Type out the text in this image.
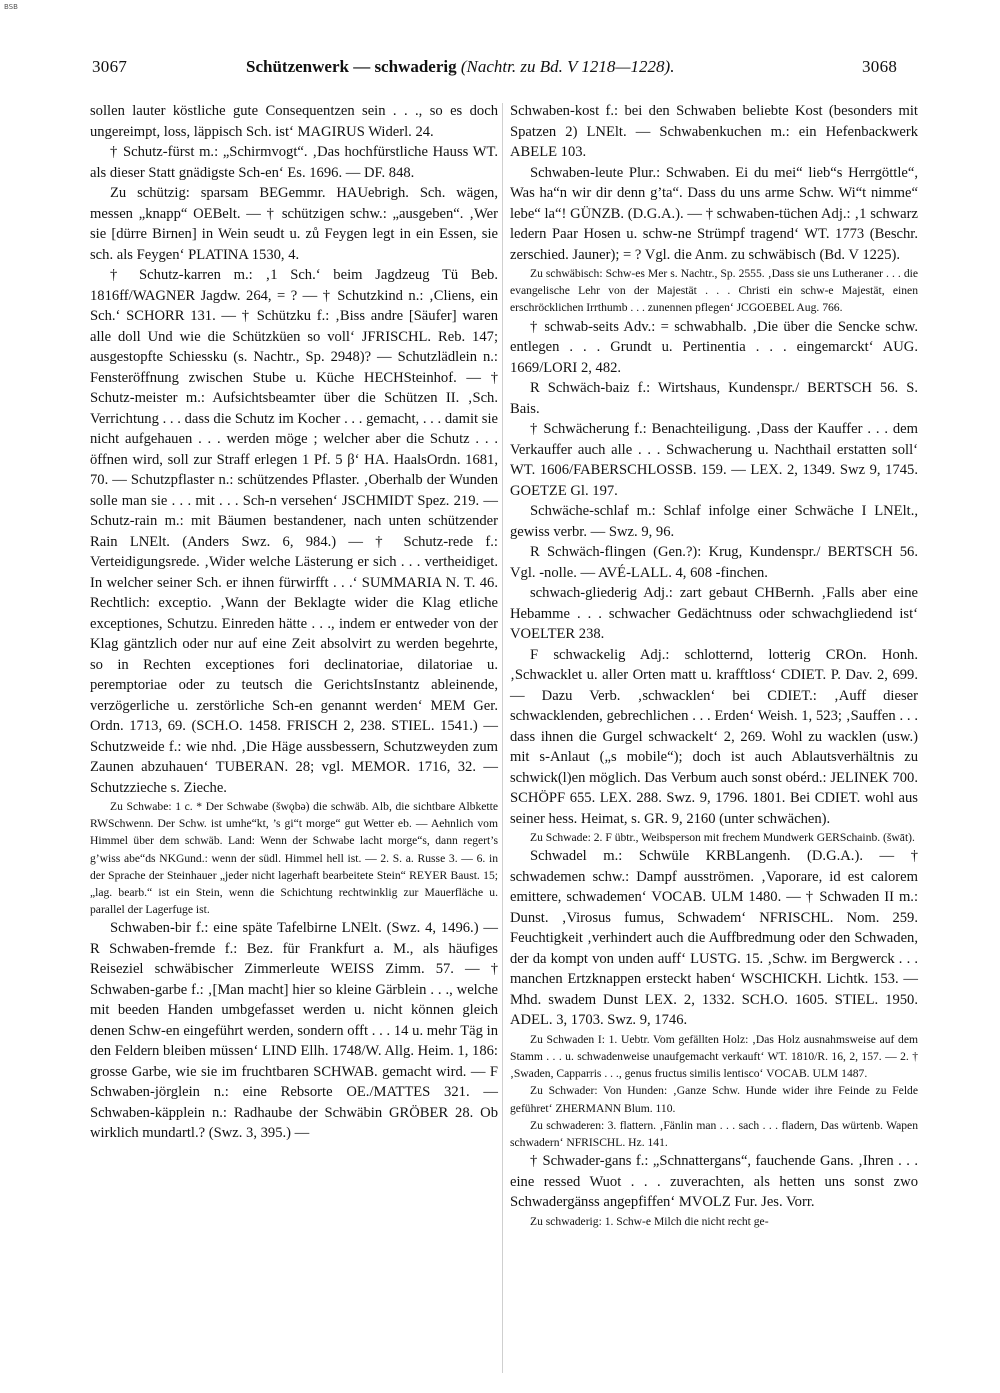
BSB
3067	Schützenwerk — schwaderig (Nachtr. zu Bd. V 1218—1228).	3068

sollen lauter köstliche gute Consequentzen sein . . ., so es doch ungereimpt, loss, läppisch Sch. ist‘ MAGIRUS Widerl. 24.

† Schutz-fürst m.: „Schirmvogt“. ‚Das hochfürstliche Hauss WT. als dieser Statt gnädigste Sch-en‘ Es. 1696. — DF. 848.

Zu schützig: sparsam BEGemmr. HAUebrigh. Sch. wägen, messen „knapp“ OEBelt. — † schützigen schw.: „ausgeben“. ‚Wer sie [dürre Birnen] in Wein seudt u. zů Feygen legt in ein Essen, sie sch. als Feygen‘ PLATINA 1530, 4.

† Schutz-karren m.: ‚1 Sch.‘ beim Jagdzeug Tü Beb. 1816ff/WAGNER Jagdw. 264, = ? — † Schutzkind n.: ‚Cliens, ein Sch.‘ SCHORR 131. — † Schützku f.: ‚Biss andre [Säufer] waren alle doll Und wie die Schützküen so voll‘ JFRISCHL. Reb. 147; ausgestopfte Schiessku (s. Nachtr., Sp. 2948)? — Schutzlädlein n.: Fensteröffnung zwischen Stube u. Küche HECHSteinhof. — † Schutz-meister m.: Aufsichtsbeamter über die Schützen II. ‚Sch. Verrichtung . . . dass die Schutz im Kocher . . . gemacht, . . . damit sie nicht aufgehauen . . . werden möge ; welcher aber die Schutz . . . öffnen wird, soll zur Straff erlegen 1 Pf. 5 β‘ HA. HaalsOrdn. 1681, 70. — Schutzpflaster n.: schützendes Pflaster. ‚Oberhalb der Wunden solle man sie . . . mit . . . Sch-n versehen‘ JSCHMIDT Spez. 219. — Schutz-rain m.: mit Bäumen bestandener, nach unten schützender Rain LNElt. (Anders Swz. 6, 984.) — † Schutz-rede f.: Verteidigungsrede. ‚Wider welche Lästerung er sich . . . vertheidiget. In welcher seiner Sch. er ihnen fürwirfft . . .‘ SUMMARIA N. T. 46. Rechtlich: exceptio. ‚Wann der Beklagte wider die Klag etliche exceptiones, Schutzu. Einreden hätte . . ., indem er entweder von der Klag gäntzlich oder nur auf eine Zeit absolvirt zu werden begehrte, so in Rechten exceptiones fori declinatoriae, dilatoriae u. peremptoriae oder zu teutsch die GerichtsInstantz ableinende, verzögerliche u. zerstörliche Sch-en genannt werden‘ MEM Ger. Ordn. 1713, 69. (SCH.O. 1458. FRISCH 2, 238. STIEL. 1541.) — Schutzweide f.: wie nhd. ‚Die Häge aussbessern, Schutzweyden zum Zaunen abzuhauen‘ TUBERAN. 28; vgl. MEMOR. 1716, 32. — Schutzzieche s. Zieche.

Zu Schwabe: 1 c. * Der Schwabe (šwǫbə) die schwäb. Alb, die sichtbare Albkette RWSchwenn. Der Schw. ist umhe“kt, ’s gi“t morge“ gut Wetter eb. — Aehnlich vom Himmel über dem schwäb. Land: Wenn der Schwabe lacht morge“s, dann regert’s g’wiss abe“ds NKGund.: wenn der südl. Himmel hell ist. — 2. S. a. Russe 3. — 6. in der Sprache der Steinhauer „jeder nicht lagerhaft bearbeitete Stein“ REYER Baust. 15; „lag. bearb.“ ist ein Stein, wenn die Schichtung rechtwinklig zur Mauerfläche u. parallel der Lagerfuge ist.

Schwaben-bir f.: eine späte Tafelbirne LNElt. (Swz. 4, 1496.) — R Schwaben-fremde f.: Bez. für Frankfurt a. M., als häufiges Reiseziel schwäbischer Zimmerleute WEISS Zimm. 57. — † Schwaben-garbe f.: ‚[Man macht] hier so kleine Gärblein . . ., welche mit beeden Handen umbgefasset werden u. nicht können gleich denen Schw-en eingeführt werden, sondern offt . . . 14 u. mehr Täg in den Feldern bleiben müssen‘ LIND Ellh. 1748/W. Allg. Heim. 1, 186: grosse Garbe, wie sie im fruchtbaren SCHWAB. gemacht wird. — F Schwaben-jörglein n.: eine Rebsorte OE./MATTES 321. — Schwaben-käpplein n.: Radhaube der Schwäbin GRÖBER 28. Ob wirklich mundartl.? (Swz. 3, 395.) —

Schwaben-kost f.: bei den Schwaben beliebte Kost (besonders mit Spatzen 2) LNElt. — Schwabenkuchen m.: ein Hefenbackwerk ABELE 103.

Schwaben-leute Plur.: Schwaben. Ei du mei“ lieb“s Herrgöttle“, Was ha“n wir dir denn g’ta“. Dass du uns arme Schw. Wi“t nimme“ lebe“ la“! GÜNZB. (D.G.A.). — † schwaben-tüchen Adj.: ‚1 schwarz ledern Paar Hosen u. schw-ne Strümpf tragend‘ WT. 1773 (Beschr. zerschied. Jauner); = ? Vgl. die Anm. zu schwäbisch (Bd. V 1225).

Zu schwäbisch: Schw-es Mer s. Nachtr., Sp. 2555. ‚Dass sie uns Lutheraner . . . die evangelische Lehr von der Majestät . . . Christi ein schw-e Majestät, einen erschröcklichen Irrthumb . . . zunennen pflegen‘ JCGOEBEL Aug. 766.

† schwab-seits Adv.: = schwabhalb. ‚Die über die Sencke schw. entlegen . . . Grundt u. Pertinentia . . . eingemarckt‘ AUG. 1669/LORI 2, 482.

R Schwäch-baiz f.: Wirtshaus, Kundenspr./ BERTSCH 56. S. Bais.

† Schwächerung f.: Benachteiligung. ‚Dass der Kauffer . . . dem Verkauffer auch alle . . . Schwacherung u. Nachthail erstatten soll‘ WT. 1606/FABERSCHLOSSB. 159. — LEX. 2, 1349. Swz 9, 1745. GOETZE Gl. 197.

Schwäche-schlaf m.: Schlaf infolge einer Schwäche I LNElt., gewiss verbr. — Swz. 9, 96.

R Schwäch-flingen (Gen.?): Krug, Kundenspr./ BERTSCH 56. Vgl. -nolle. — AVÉ-LALL. 4, 608 -finchen.

schwach-gliederig Adj.: zart gebaut CHBernh. ‚Falls aber eine Hebamme . . . schwacher Gedächtnuss oder schwachgliedend ist‘ VOELTER 238.

F schwackelig Adj.: schlotternd, lotterig CROn. Honh. ‚Schwacklet u. aller Orten matt u. krafftloss‘ CDIET. P. Dav. 2, 699. — Dazu Verb. ‚schwacklen‘ bei CDIET.: ‚Auff dieser schwacklenden, gebrechlichen . . . Erden‘ Weish. 1, 523; ‚Sauffen . . . dass ihnen die Gurgel schwackelt‘ 2, 269. Wohl zu wacklen (usw.) mit s-Anlaut („s mobile“); doch ist auch Ablautsverhältnis zu schwick(l)en möglich. Das Verbum auch sonst obérd.: JELINEK 700. SCHÖPF 655. LEX. 288. Swz. 9, 1796. 1801. Bei CDIET. wohl aus seiner hess. Heimat, s. GR. 9, 2160 (unter schwächen).

Zu Schwade: 2. F übtr., Weibsperson mit frechem Mundwerk GERSchainb. (šwāt).

Schwadel m.: Schwüle KRBLangenh. (D.G.A.). — † schwademen schw.: Dampf ausströmen. ‚Vaporare, id est calorem emittere, schwademen‘ VOCAB. ULM 1480. — † Schwaden II m.: Dunst. ‚Virosus fumus, Schwadem‘ NFRISCHL. Nom. 259. Feuchtigkeit ‚verhindert auch die Auffbredmung oder den Schwaden, der da kompt von unden auff‘ LUSTG. 15. ‚Schw. im Bergwerck . . . manchen Ertzknappen ersteckt haben‘ WSCHICKH. Lichtk. 153. — Mhd. swadem Dunst LEX. 2, 1332. SCH.O. 1605. STIEL. 1950. ADEL. 3, 1703. Swz. 9, 1746.

Zu Schwaden I: 1. Uebtr. Vom gefällten Holz: ‚Das Holz ausnahmsweise auf dem Stamm . . . u. schwadenweise unaufgemacht verkauft‘ WT. 1810/R. 16, 2, 157. — 2. † ‚Swaden, Capparris . . ., genus fructus similis lentisco‘ VOCAB. ULM 1487.

Zu Schwader: Von Hunden: ‚Ganze Schw. Hunde wider ihre Feinde zu Felde geführet‘ ZHERMANN Blum. 110.

Zu schwaderen: 3. flattern. ‚Fänlin man . . . sach . . . fladern, Das würtenb. Wapen schwadern‘ NFRISCHL. Hz. 141.

† Schwader-gans f.: „Schnattergans“, fauchende Gans. ‚Ihren . . . eine ressed Wuot . . . zuverachten, als hetten uns sonst zwo Schwadergänss angepfiffen‘ MVOLZ Fur. Jes. Vorr.

Zu schwaderig: 1. Schw-e Milch die nicht recht ge-
